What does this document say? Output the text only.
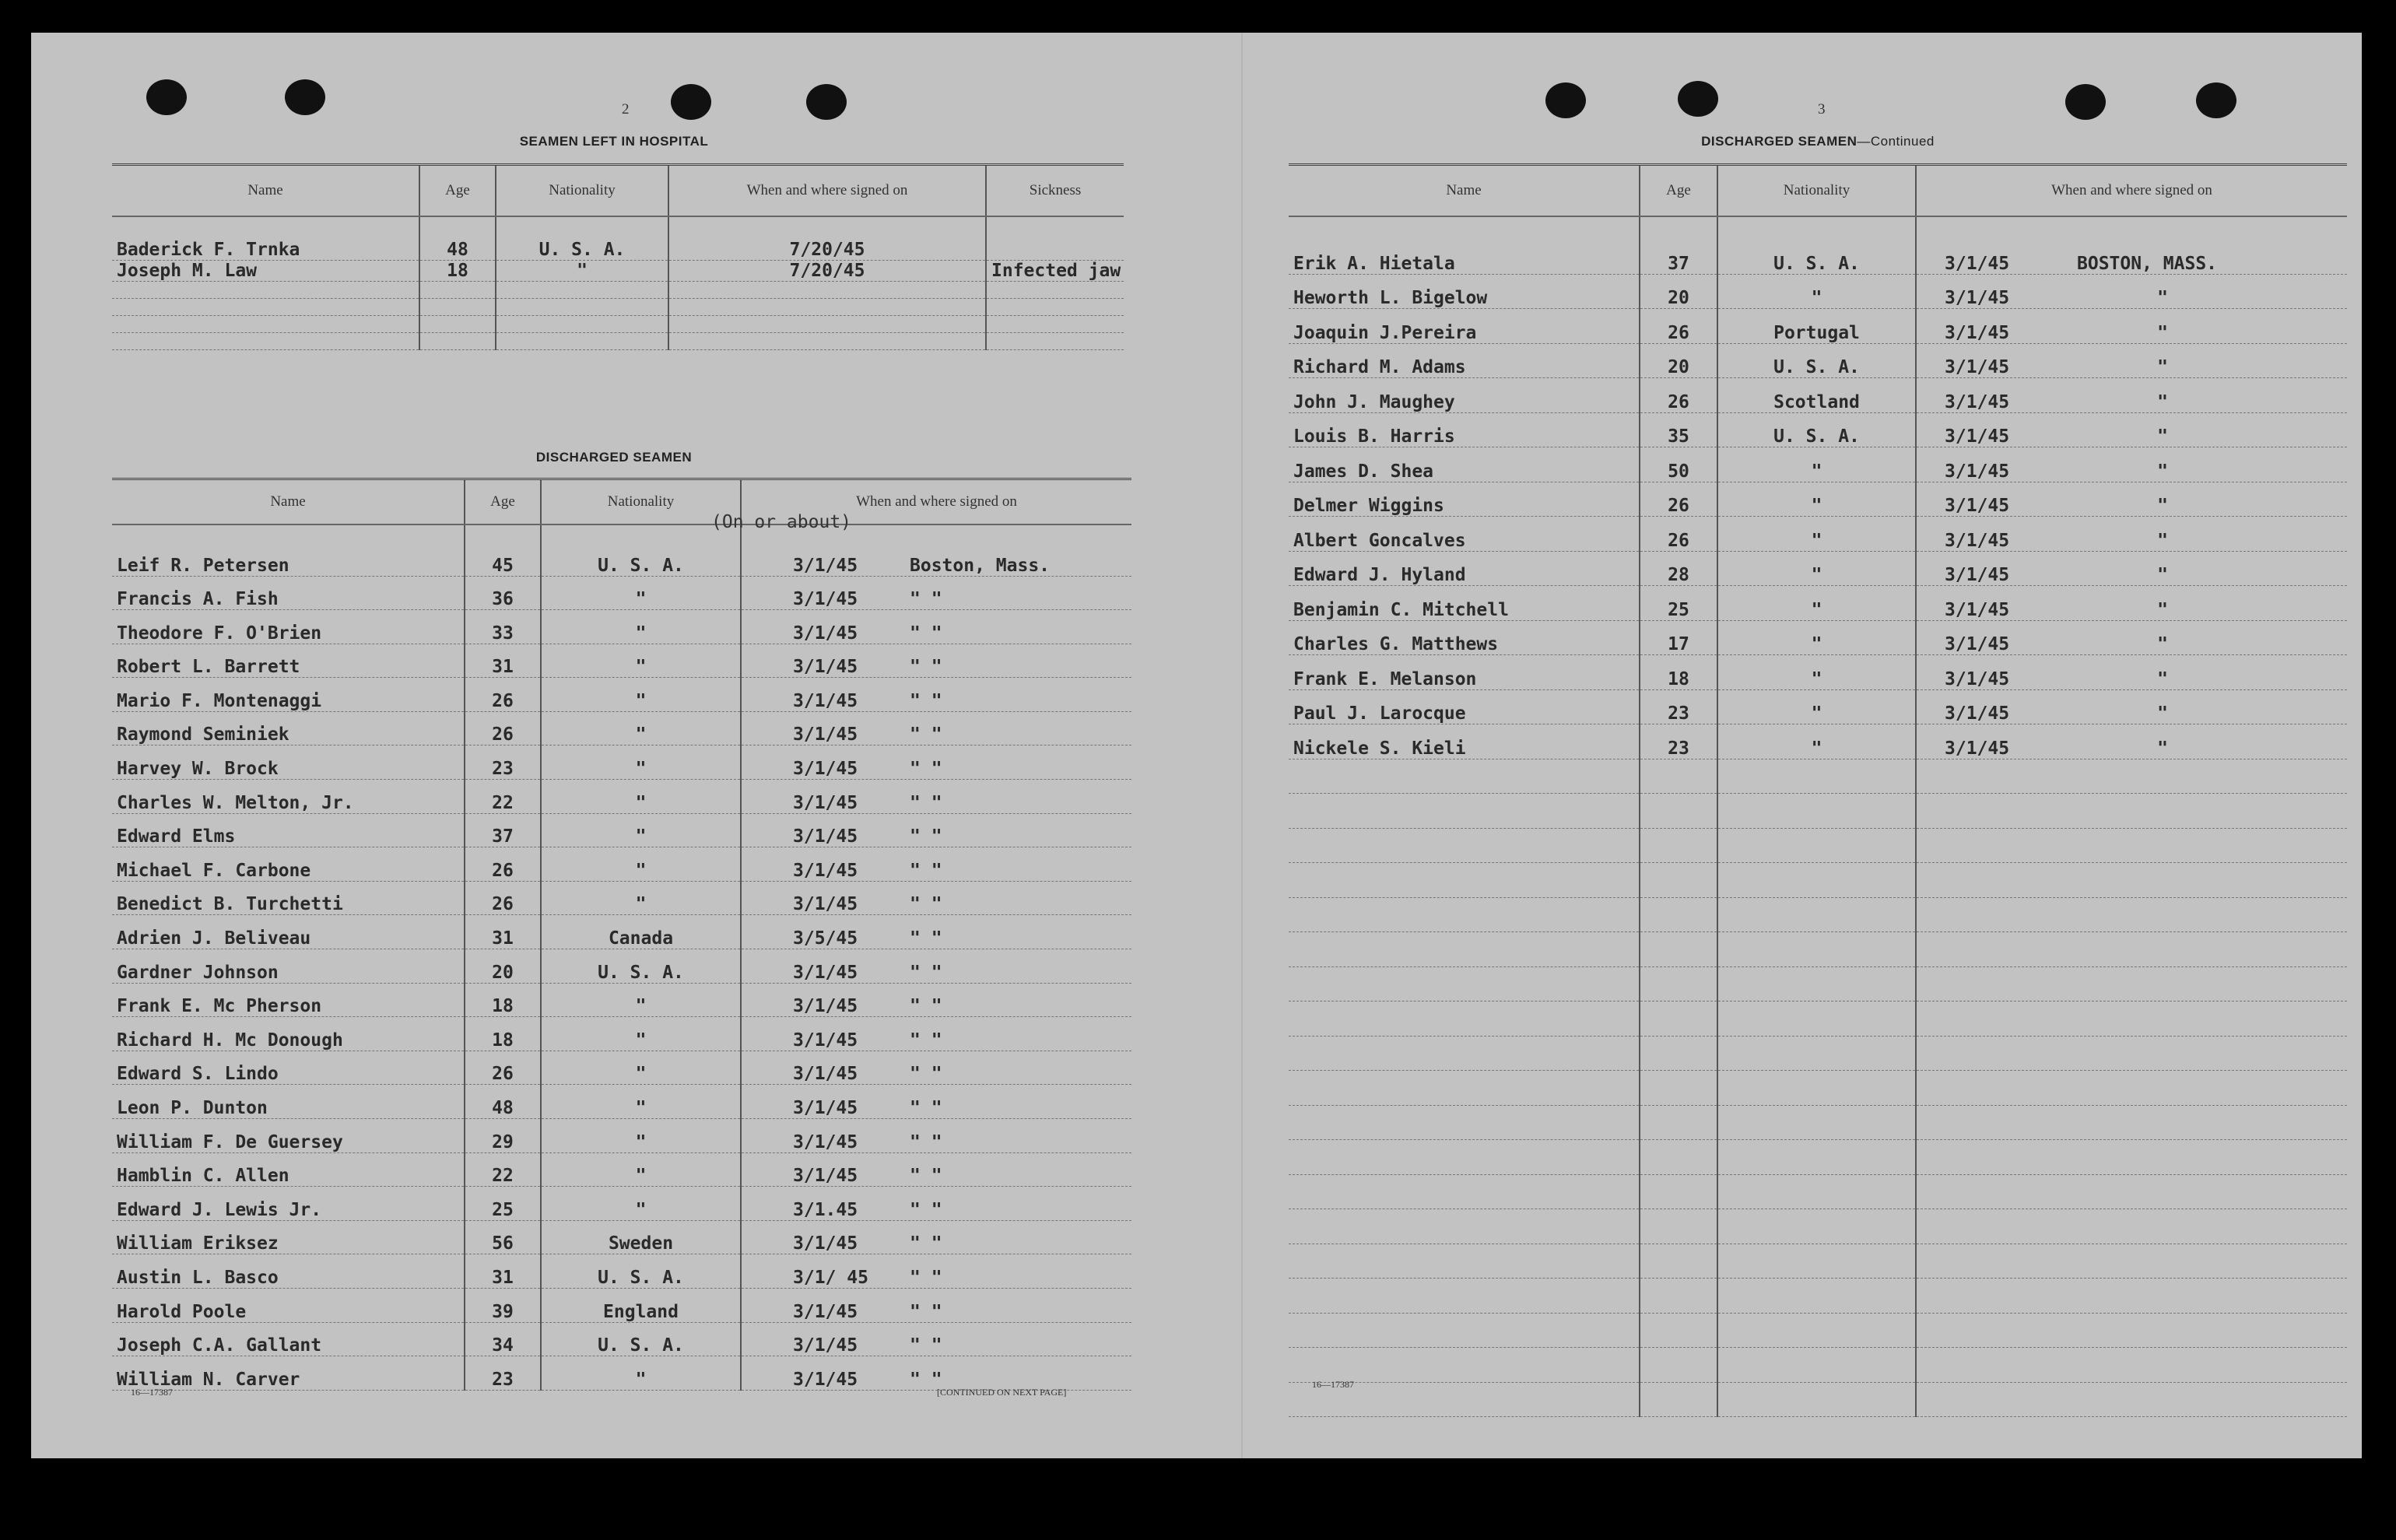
2
SEAMEN LEFT IN HOSPITAL
Name	Age	Nationality	When and where signed on	Sickness
Baderick F. Trnka	48	U. S. A.	7/20/45	
Joseph M. Law	18	"	7/20/45	Infected jaw

DISCHARGED SEAMEN
Name	Age	Nationality	When and where signed on
Leif R. Petersen	45	U. S. A.	3/1/45 Boston, Mass.
Francis A. Fish	36	"	3/1/45 " "
Theodore F. O'Brien	33	"	3/1/45 " "
Robert L. Barrett	31	"	3/1/45 " "
Mario F. Montenaggi	26	"	3/1/45 " "
Raymond Seminiek	26	"	3/1/45 " "
Harvey W. Brock	23	"	3/1/45 " "
Charles W. Melton, Jr.	22	"	3/1/45 " "
Edward Elms	37	"	3/1/45 " "
Michael F. Carbone	26	"	3/1/45 " "
Benedict B. Turchetti	26	"	3/1/45 " "
Adrien J. Beliveau	31	Canada	3/5/45 " "
Gardner Johnson	20	U. S. A.	3/1/45 " "
Frank E. Mc Pherson	18	"	3/1/45 " "
Richard H. Mc Donough	18	"	3/1/45 " "
Edward S. Lindo	26	"	3/1/45 " "
Leon P. Dunton	48	"	3/1/45 " "
William F. De Guersey	29	"	3/1/45 " "
Hamblin C. Allen	22	"	3/1/45 " "
Edward J. Lewis Jr.	25	"	3/1.45 " "
William Eriksez	56	Sweden	3/1/45 " "
Austin L. Basco	31	U. S. A.	3/1/ 45 " "
Harold Poole	39	England	3/1/45 " "
Joseph C.A. Gallant	34	U. S. A.	3/1/45 " "
William N. Carver	23	"	3/1/45 " "
(On or about)
16—17387	[CONTINUED ON NEXT PAGE]
3
DISCHARGED SEAMEN—Continued
Name	Age	Nationality	When and where signed on
Erik A. Hietala	37	U. S. A.	3/1/45 BOSTON, MASS.
Heworth L. Bigelow	20	"	3/1/45 "
Joaquin J.Pereira	26	Portugal	3/1/45 "
Richard M. Adams	20	U. S. A.	3/1/45 "
John J. Maughey	26	Scotland	3/1/45 "
Louis B. Harris	35	U. S. A.	3/1/45 "
James D. Shea	50	"	3/1/45 "
Delmer Wiggins	26	"	3/1/45 "
Albert Goncalves	26	"	3/1/45 "
Edward J. Hyland	28	"	3/1/45 "
Benjamin C. Mitchell	25	"	3/1/45 "
Charles G. Matthews	17	"	3/1/45 "
Frank E. Melanson	18	"	3/1/45 "
Paul J. Larocque	23	"	3/1/45 "
Nickele S. Kieli	23	"	3/1/45 "

16—17387
